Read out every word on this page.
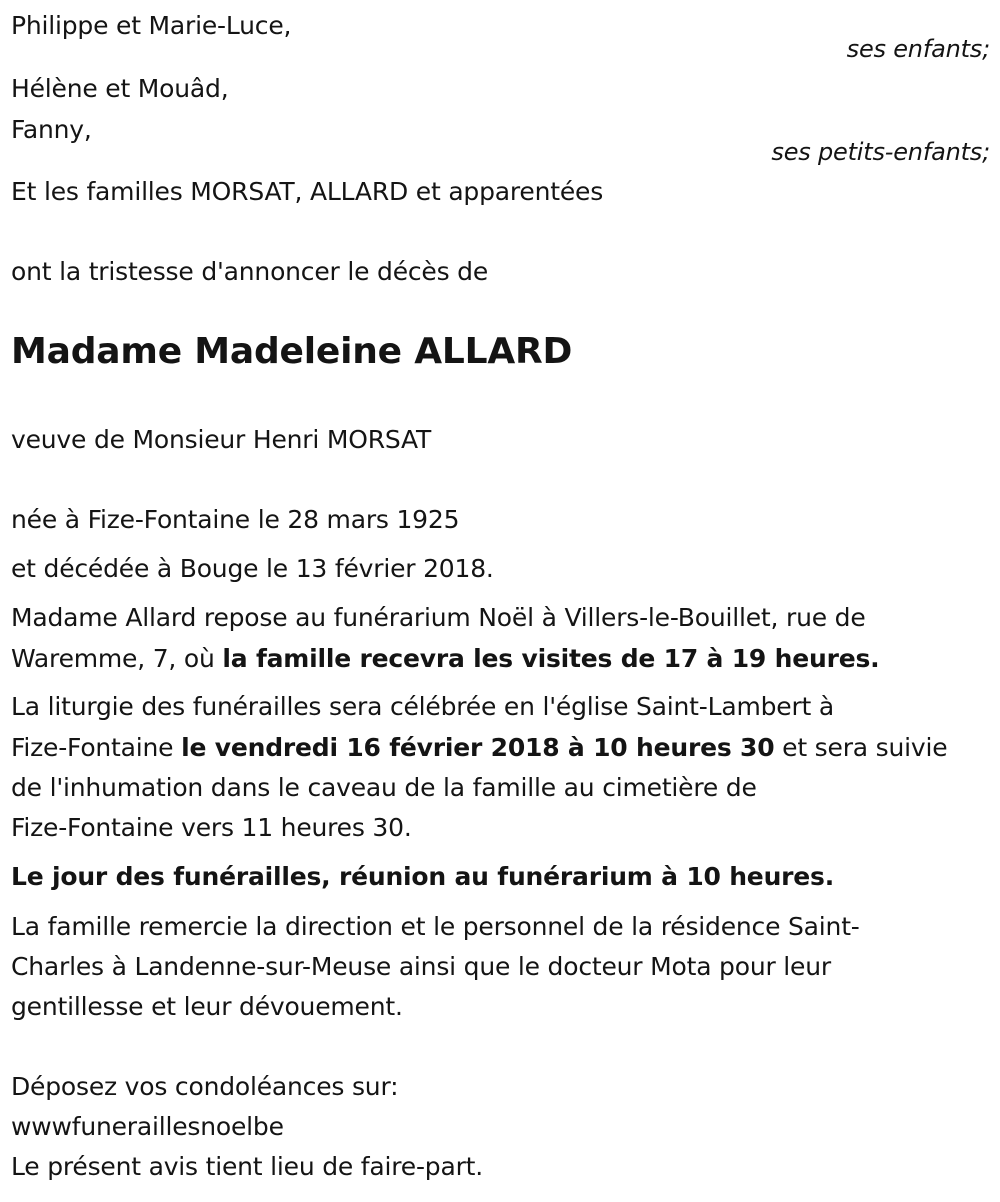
Philippe et Marie-Luce,
ses enfants;
Hélène et Mouâd,
Fanny,
ses petits-enfants;
Et les familles MORSAT, ALLARD et apparentées
ont la tristesse d'annoncer le décès de
Madame Madeleine ALLARD
veuve de Monsieur Henri MORSAT
née à Fize-Fontaine le 28 mars 1925
et décédée à Bouge le 13 février 2018.
Madame Allard repose au funérarium Noël à Villers-le-Bouillet, rue de
Waremme, 7, où la famille recevra les visites de 17 à 19 heures.
La liturgie des funérailles sera célébrée en l'église Saint-Lambert à
Fize-Fontaine le vendredi 16 février 2018 à 10 heures 30 et sera suivie
de l'inhumation dans le caveau de la famille au cimetière de
Fize-Fontaine vers 11 heures 30.
Le jour des funérailles, réunion au funérarium à 10 heures.
La famille remercie la direction et le personnel de la résidence Saint-
Charles à Landenne-sur-Meuse ainsi que le docteur Mota pour leur
gentillesse et leur dévouement.
Déposez vos condoléances sur:
wwwfuneraillesnoelbe
Le présent avis tient lieu de faire-part.
